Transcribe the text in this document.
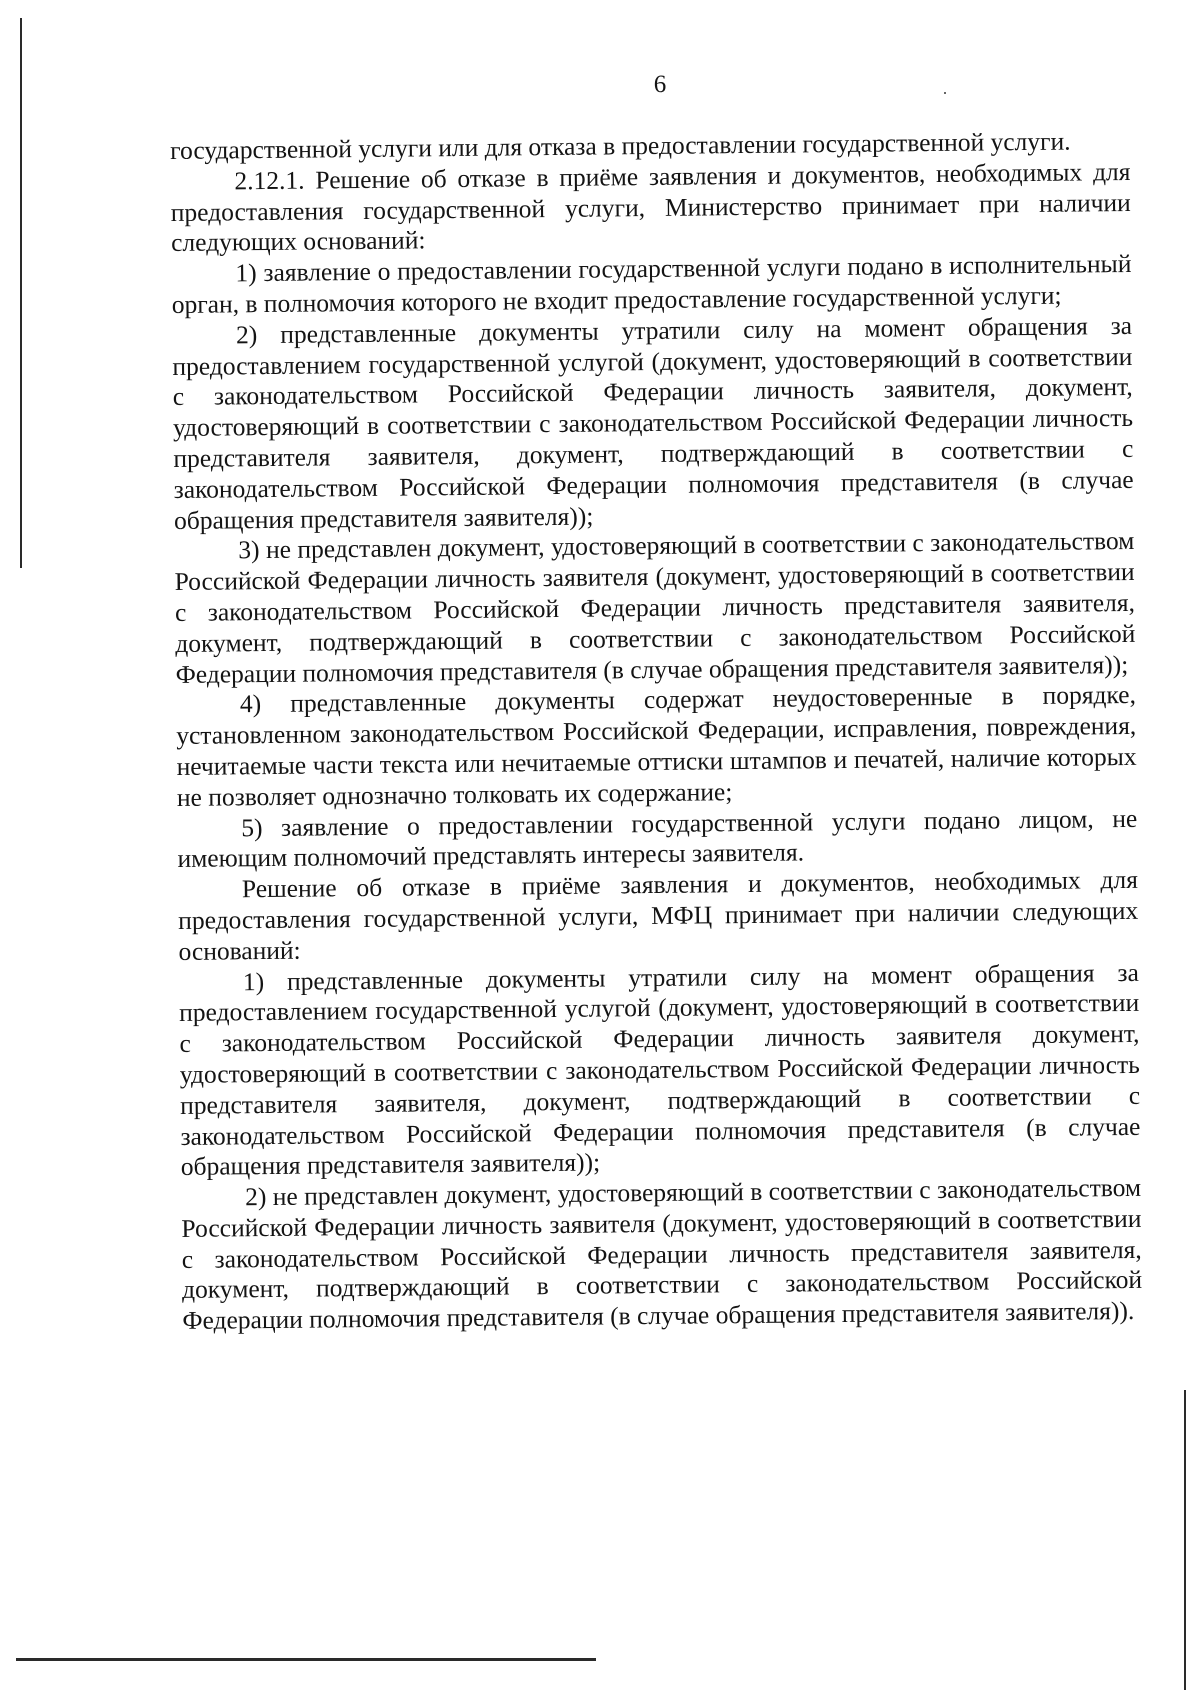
6

государственной услуги или для отказа в предоставлении государственной услуги.

2.12.1. Решение об отказе в приёме заявления и документов, необходимых для предоставления государственной услуги, Министерство принимает при наличии следующих оснований:

1) заявление о предоставлении государственной услуги подано в исполнительный орган, в полномочия которого не входит предоставление государственной услуги;

2) представленные документы утратили силу на момент обращения за предоставлением государственной услугой (документ, удостоверяющий в соответствии с законодательством Российской Федерации личность заявителя, документ, удостоверяющий в соответствии с законодательством Российской Федерации личность представителя заявителя, документ, подтверждающий в соответствии с законодательством Российской Федерации полномочия представителя (в случае обращения представителя заявителя));

3) не представлен документ, удостоверяющий в соответствии с законодательством Российской Федерации личность заявителя (документ, удостоверяющий в соответствии с законодательством Российской Федерации личность представителя заявителя, документ, подтверждающий в соответствии с законодательством Российской Федерации полномочия представителя (в случае обращения представителя заявителя));

4) представленные документы содержат неудостоверенные в порядке, установленном законодательством Российской Федерации, исправления, повреждения, нечитаемые части текста или нечитаемые оттиски штампов и печатей, наличие которых не позволяет однозначно толковать их содержание;

5) заявление о предоставлении государственной услуги подано лицом, не имеющим полномочий представлять интересы заявителя.

Решение об отказе в приёме заявления и документов, необходимых для предоставления государственной услуги, МФЦ принимает при наличии следующих оснований:

1) представленные документы утратили силу на момент обращения за предоставлением государственной услугой (документ, удостоверяющий в соответствии с законодательством Российской Федерации личность заявителя документ, удостоверяющий в соответствии с законодательством Российской Федерации личность представителя заявителя, документ, подтверждающий в соответствии с законодательством Российской Федерации полномочия представителя (в случае обращения представителя заявителя));

2) не представлен документ, удостоверяющий в соответствии с законодательством Российской Федерации личность заявителя (документ, удостоверяющий в соответствии с законодательством Российской Федерации личность представителя заявителя, документ, подтверждающий в соответствии с законодательством Российской Федерации полномочия представителя (в случае обращения представителя заявителя)).
